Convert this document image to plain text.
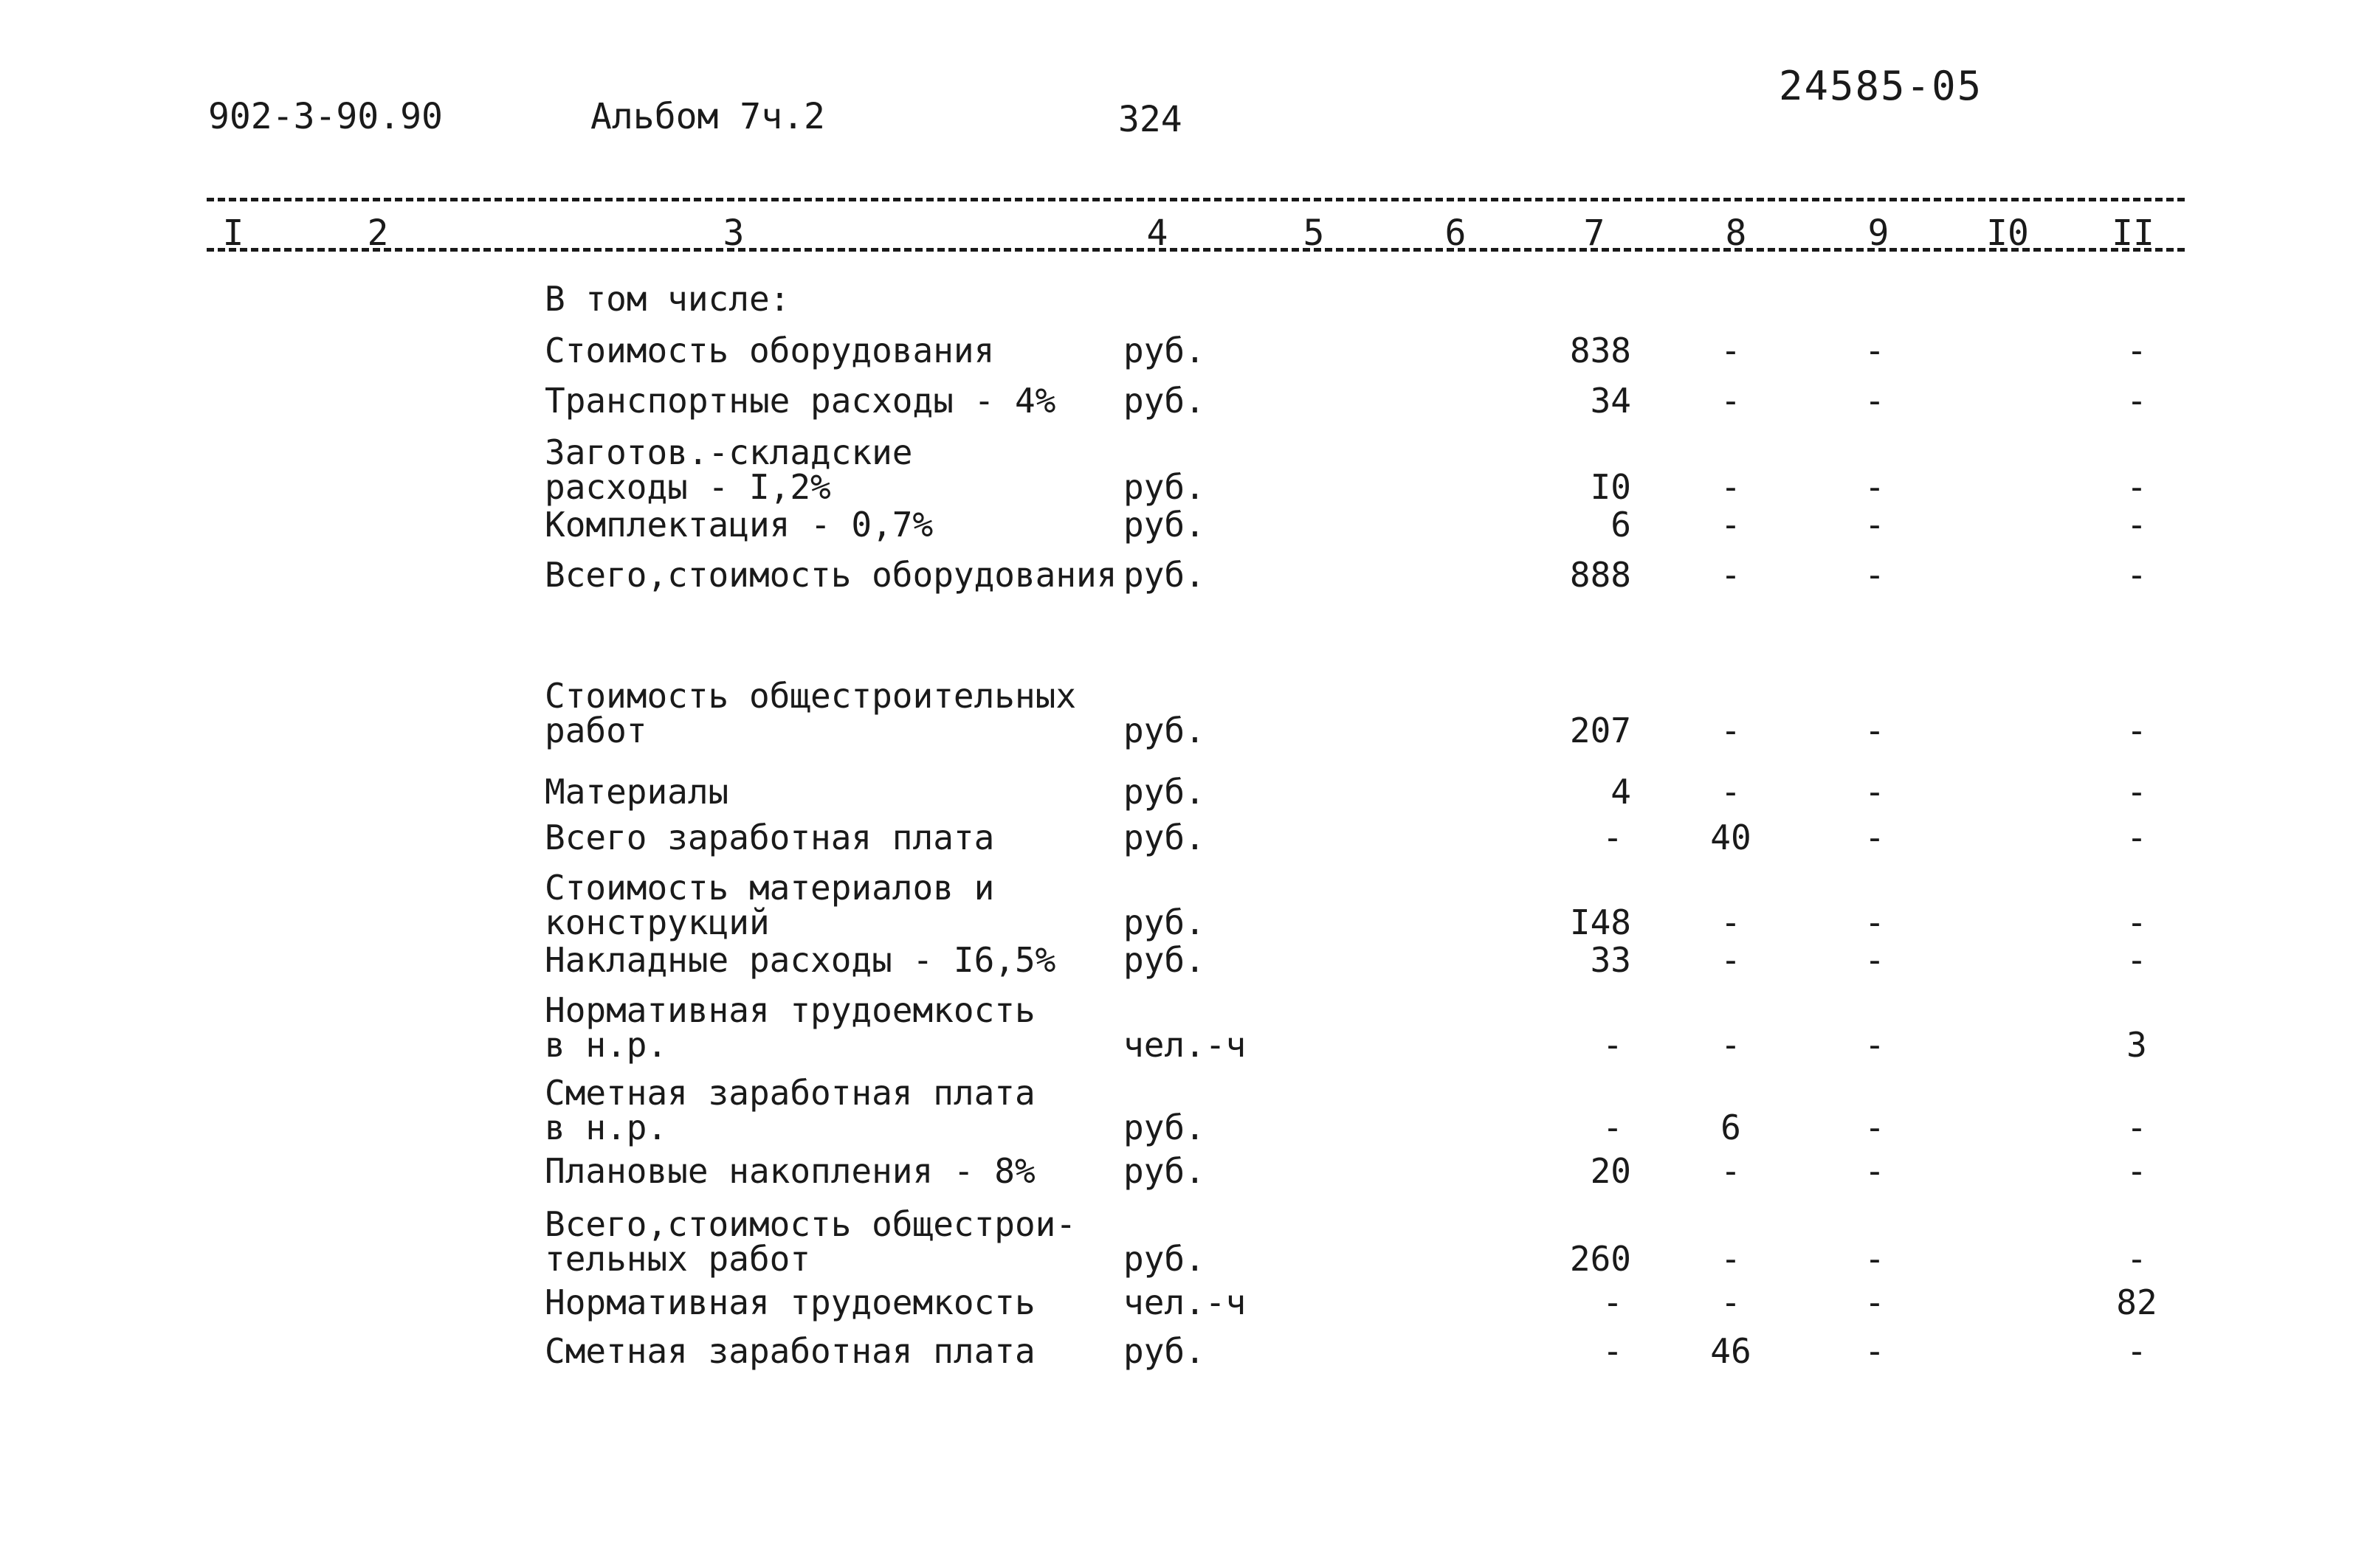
902-3-90.90	Альбом 7ч.2	324
24585-05
I	2	3	4	5	6	7	8	9	I0 II
В том числе:
Стоимость оборудования	руб.	838	-	-	-
Транспортные расходы - 4% руб.	34	-	-	-
Заготов.-складские
расходы - I,2%	руб.	I0	-	-	-
Комплектация - 0,7%	руб.	6	-	-	-
Всего,стоимость оборудования руб.	888	-	-	-
Стоимость общестроительных
работ	руб.	207	-	-	-
Материалы	руб.	4	-	-	-
Всего заработная плата	руб.	-	40	-	-
Стоимость материалов и
конструкций	руб.	I48	-	-	-
Накладные расходы - I6,5% руб.	33	-	-	-
Нормативная трудоемкость
в н.р.	чел.-ч	-	-	-	3
Сметная заработная плата
в н.р.	руб.	-	6	-	-
Плановые накопления - 8%	руб.	20	-	-	-
Всего,стоимость общестрои-
тельных работ	руб.	260	-	-	-
Нормативная трудоемкость	чел.-ч	-	-	-	82
Сметная заработная плата	руб.	-	46	-	-
